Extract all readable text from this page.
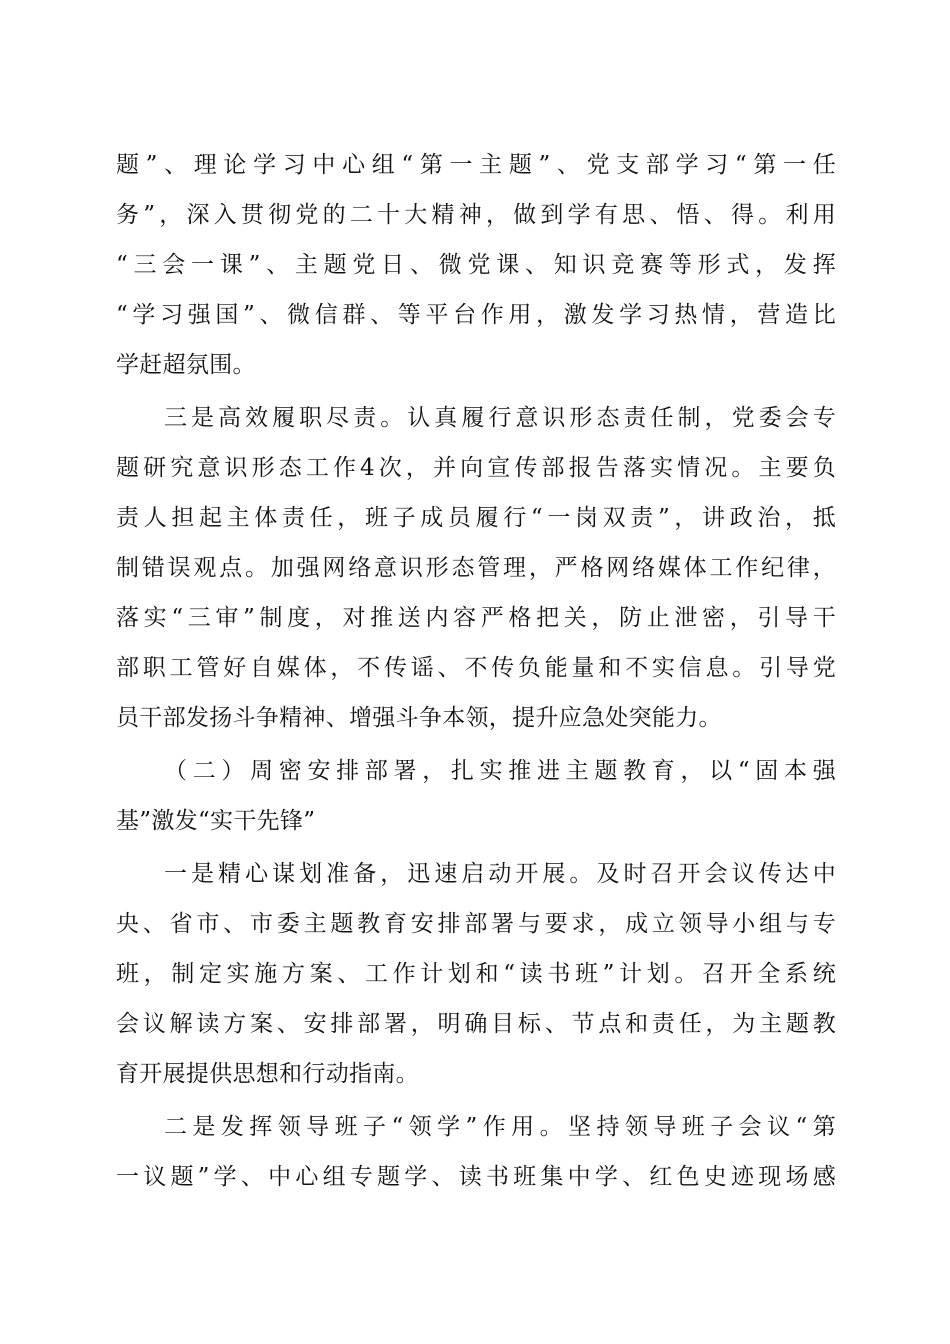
题”、理论学习中心组“第一主题”、党支部学习“第一任
务”，深入贯彻党的二十大精神，做到学有思、悟、得。利用
“三会一课”、主题党日、微党课、知识竞赛等形式，发挥
“学习强国”、微信群、等平台作用，激发学习热情，营造比
学赶超氛围。
三是高效履职尽责。认真履行意识形态责任制，党委会专
题研究意识形态工作4次，并向宣传部报告落实情况。主要负
责人担起主体责任，班子成员履行“一岗双责”，讲政治，抵
制错误观点。加强网络意识形态管理，严格网络媒体工作纪律，
落实“三审”制度，对推送内容严格把关，防止泄密，引导干
部职工管好自媒体，不传谣、不传负能量和不实信息。引导党
员干部发扬斗争精神、增强斗争本领，提升应急处突能力。
（二）周密安排部署，扎实推进主题教育，以“固本强
基”激发“实干先锋”
一是精心谋划准备，迅速启动开展。及时召开会议传达中
央、省市、市委主题教育安排部署与要求，成立领导小组与专
班，制定实施方案、工作计划和“读书班”计划。召开全系统
会议解读方案、安排部署，明确目标、节点和责任，为主题教
育开展提供思想和行动指南。
二是发挥领导班子“领学”作用。坚持领导班子会议“第
一议题”学、中心组专题学、读书班集中学、红色史迹现场感
